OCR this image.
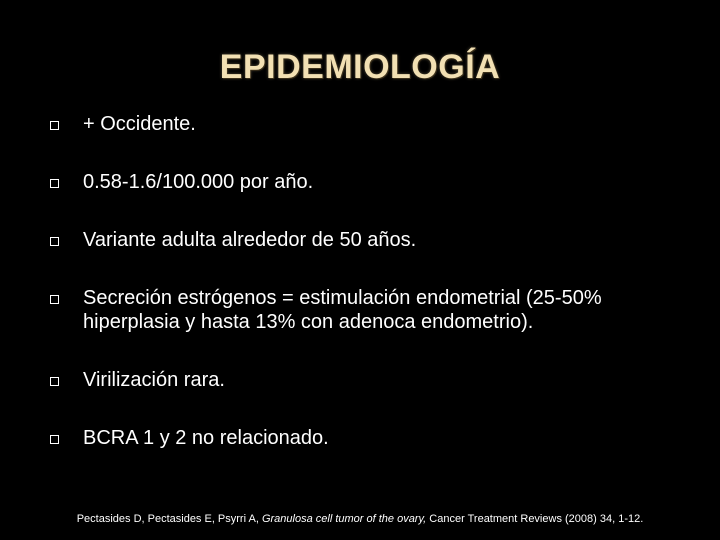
EPIDEMIOLOGÍA
+ Occidente.
0.58-1.6/100.000 por año.
Variante adulta alrededor de 50 años.
Secreción estrógenos = estimulación endometrial (25-50% hiperplasia y hasta 13% con adenoca endometrio).
Virilización rara.
BCRA 1 y 2 no relacionado.
Pectasides D, Pectasides E, Psyrri A, Granulosa cell tumor of the ovary, Cancer Treatment Reviews (2008) 34, 1-12.
